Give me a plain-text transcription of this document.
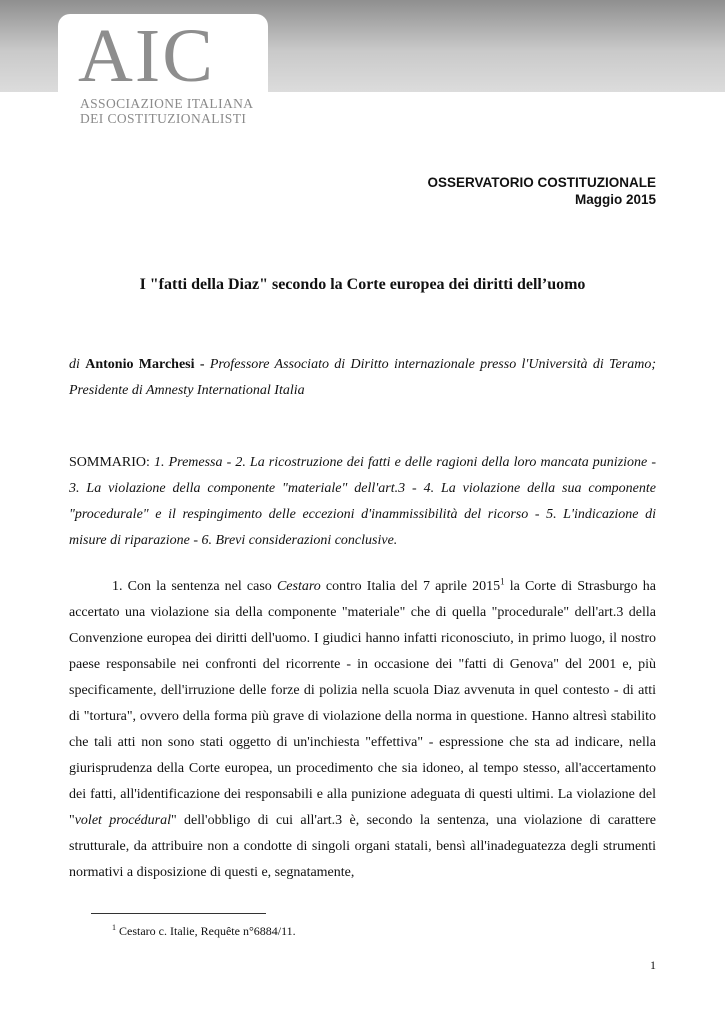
AIC
ASSOCIAZIONE ITALIANA
DEI COSTITUZIONALISTI
OSSERVATORIO COSTITUZIONALE
Maggio 2015
I "fatti della Diaz" secondo la Corte europea dei diritti dell’uomo
di Antonio Marchesi - Professore Associato di Diritto internazionale presso l'Università di Teramo; Presidente di Amnesty International Italia
SOMMARIO: 1. Premessa - 2. La ricostruzione dei fatti e delle ragioni della loro mancata punizione - 3. La violazione della componente "materiale" dell'art.3 - 4. La violazione della sua componente "procedurale" e il respingimento delle eccezioni d'inammissibilità del ricorso - 5. L'indicazione di misure di riparazione - 6. Brevi considerazioni conclusive.
1. Con la sentenza nel caso Cestaro contro Italia del 7 aprile 2015$^1$ la Corte di Strasburgo ha accertato una violazione sia della componente "materiale" che di quella "procedurale" dell'art.3 della Convenzione europea dei diritti dell'uomo. I giudici hanno infatti riconosciuto, in primo luogo, il nostro paese responsabile nei confronti del ricorrente - in occasione dei "fatti di Genova" del 2001 e, più specificamente, dell'irruzione delle forze di polizia nella scuola Diaz avvenuta in quel contesto - di atti di "tortura", ovvero della forma più grave di violazione della norma in questione. Hanno altresì stabilito che tali atti non sono stati oggetto di un'inchiesta "effettiva" - espressione che sta ad indicare, nella giurisprudenza della Corte europea, un procedimento che sia idoneo, al tempo stesso, all'accertamento dei fatti, all'identificazione dei responsabili e alla punizione adeguata di questi ultimi. La violazione del "volet procédural" dell'obbligo di cui all'art.3 è, secondo la sentenza, una violazione di carattere strutturale, da attribuire non a condotte di singoli organi statali, bensì all'inadeguatezza degli strumenti normativi a disposizione di questi e, segnatamente,
$^1$ Cestaro c. Italie, Requête n°6884/11.
1
